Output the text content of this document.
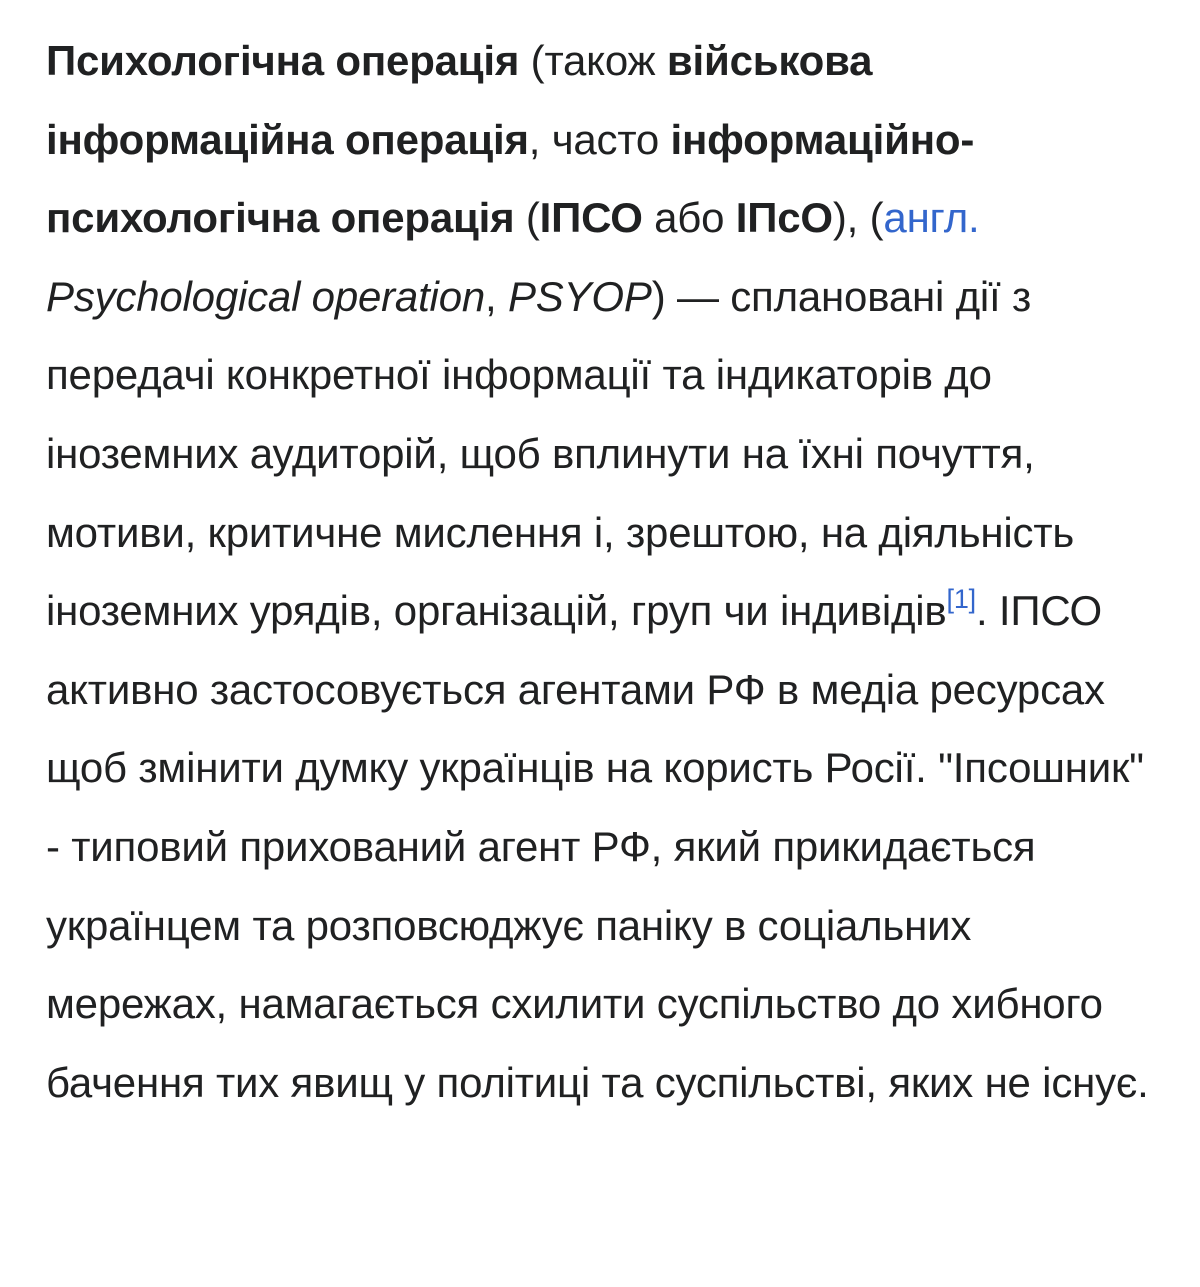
Психологічна операція (також військова інформаційна операція, часто інформаційно-психологічна операція (ІПСО або ІПсО), (англ. Psychological operation, PSYOP) — сплановані дії з передачі конкретної інформації та індикаторів до іноземних аудиторій, щоб вплинути на їхні почуття, мотиви, критичне мислення і, зрештою, на діяльність іноземних урядів, організацій, груп чи індивідів[1]. ІПСО активно застосовується агентами РФ в медіа ресурсах щоб змінити думку українців на користь Росії. "Іпсошник" - типовий прихований агент РФ, який прикидається українцем та розповсюджує паніку в соціальних мережах, намагається схилити суспільство до хибного бачення тих явищ у політиці та суспільстві, яких не існує.
